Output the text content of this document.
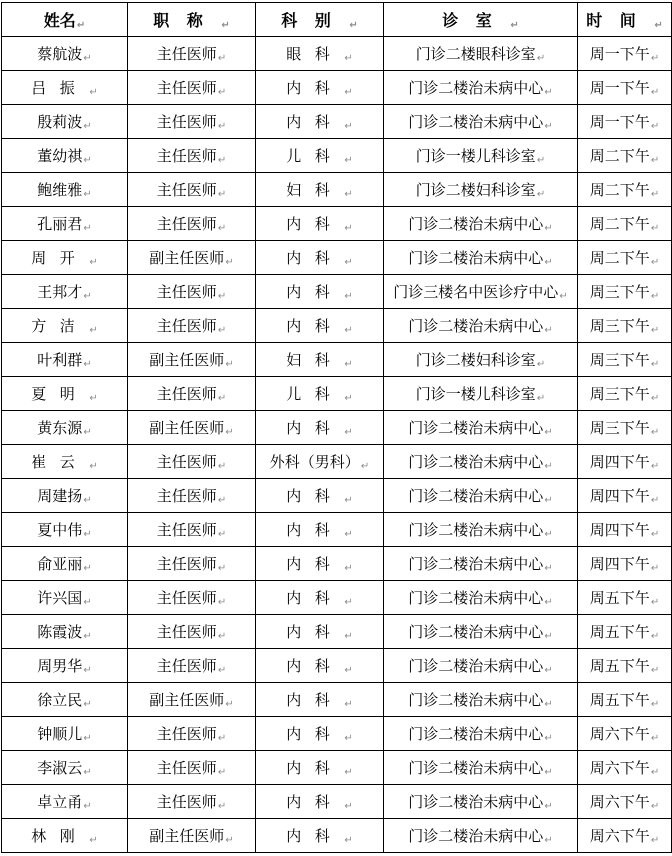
姓名↵	职称↵	科别↵	诊室↵	时间↵
蔡航波↵	主任医师↵	眼科↵	门诊二楼眼科诊室↵	周一下午↵
吕振↵	主任医师↵	内科↵	门诊二楼治未病中心↵	周一下午↵
殷莉波↵	主任医师↵	内科↵	门诊二楼治未病中心↵	周一下午↵
董幼祺↵	主任医师↵	儿科↵	门诊一楼儿科诊室↵	周二下午↵
鲍维雅↵	主任医师↵	妇科↵	门诊二楼妇科诊室↵	周二下午↵
孔丽君↵	主任医师↵	内科↵	门诊二楼治未病中心↵	周二下午↵
周开↵	副主任医师↵	内科↵	门诊二楼治未病中心↵	周二下午↵
王邦才↵	主任医师↵	内科↵	门诊三楼名中医诊疗中心↵	周三下午↵
方洁↵	主任医师↵	内科↵	门诊二楼治未病中心↵	周三下午↵
叶利群↵	副主任医师↵	妇科↵	门诊二楼妇科诊室↵	周三下午↵
夏明↵	主任医师↵	儿科↵	门诊一楼儿科诊室↵	周三下午↵
黄东源↵	副主任医师↵	内科↵	门诊二楼治未病中心↵	周三下午↵
崔云↵	主任医师↵	外科（男科）↵	门诊二楼治未病中心↵	周四下午↵
周建扬↵	主任医师↵	内科↵	门诊二楼治未病中心↵	周四下午↵
夏中伟↵	主任医师↵	内科↵	门诊二楼治未病中心↵	周四下午↵
俞亚丽↵	主任医师↵	内科↵	门诊二楼治未病中心↵	周四下午↵
许兴国↵	主任医师↵	内科↵	门诊二楼治未病中心↵	周五下午↵
陈霞波↵	主任医师↵	内科↵	门诊二楼治未病中心↵	周五下午↵
周男华↵	主任医师↵	内科↵	门诊二楼治未病中心↵	周五下午↵
徐立民↵	副主任医师↵	内科↵	门诊二楼治未病中心↵	周五下午↵
钟顺儿↵	主任医师↵	内科↵	门诊二楼治未病中心↵	周六下午↵
李淑云↵	主任医师↵	内科↵	门诊二楼治未病中心↵	周六下午↵
卓立甬↵	主任医师↵	内科↵	门诊二楼治未病中心↵	周六下午↵
林刚↵	副主任医师↵	内科↵	门诊二楼治未病中心↵	周六下午↵
